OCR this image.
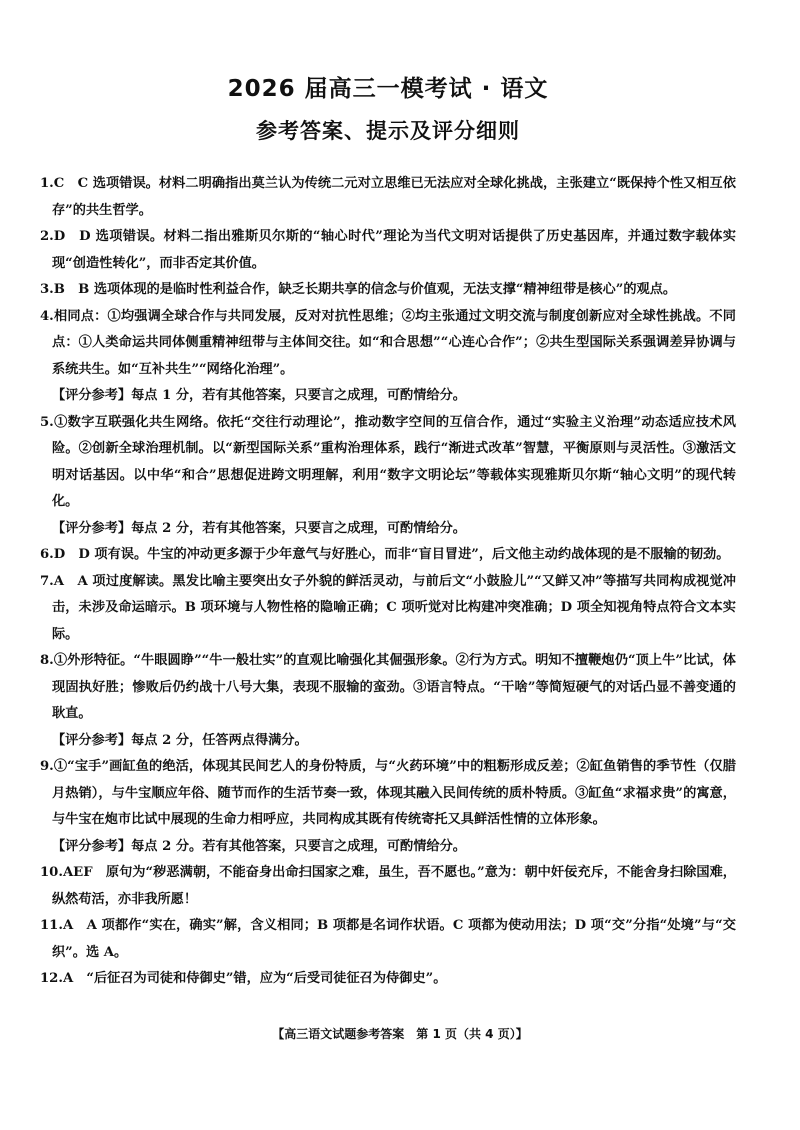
2026 届高三一模考试 · 语文
参考答案、提示及评分细则
1.C　C 选项错误。材料二明确指出莫兰认为传统二元对立思维已无法应对全球化挑战，主张建立“既保持个性又相互依存”的共生哲学。
2.D　D 选项错误。材料二指出雅斯贝尔斯的“轴心时代”理论为当代文明对话提供了历史基因库，并通过数字载体实现“创造性转化”，而非否定其价值。
3.B　B 选项体现的是临时性利益合作，缺乏长期共享的信念与价值观，无法支撑“精神纽带是核心”的观点。
4.相同点：①均强调全球合作与共同发展，反对对抗性思维；②均主张通过文明交流与制度创新应对全球性挑战。不同点：①人类命运共同体侧重精神纽带与主体间交往。如“和合思想”“心连心合作”；②共生型国际关系强调差异协调与系统共生。如“互补共生”“网络化治理”。
【评分参考】每点 1 分，若有其他答案，只要言之成理，可酌情给分。
5.①数字互联强化共生网络。依托“交往行动理论”，推动数字空间的互信合作，通过“实验主义治理”动态适应技术风险。②创新全球治理机制。以“新型国际关系”重构治理体系，践行“渐进式改革”智慧，平衡原则与灵活性。③激活文明对话基因。以中华“和合”思想促进跨文明理解，利用“数字文明论坛”等载体实现雅斯贝尔斯“轴心文明”的现代转化。
【评分参考】每点 2 分，若有其他答案，只要言之成理，可酌情给分。
6.D　D 项有误。牛宝的冲动更多源于少年意气与好胜心，而非“盲目冒进”，后文他主动约战体现的是不服输的韧劲。
7.A　A 项过度解读。黑发比喻主要突出女子外貌的鲜活灵动，与前后文“小鼓脸儿”“又鲜又冲”等描写共同构成视觉冲击，未涉及命运暗示。B 项环境与人物性格的隐喻正确；C 项听觉对比构建冲突准确；D 项全知视角特点符合文本实际。
8.①外形特征。“牛眼圆睁”“牛一般壮实”的直观比喻强化其倔强形象。②行为方式。明知不擅鞭炮仍“顶上牛”比试，体现固执好胜；惨败后仍约战十八号大集，表现不服输的蛮劲。③语言特点。“干啥”等简短硬气的对话凸显不善变通的耿直。
【评分参考】每点 2 分，任答两点得满分。
9.①“宝手”画缸鱼的绝活，体现其民间艺人的身份特质，与“火药环境”中的粗粝形成反差；②缸鱼销售的季节性（仅腊月热销），与牛宝顺应年俗、随节而作的生活节奏一致，体现其融入民间传统的质朴特质。③缸鱼“求福求贵”的寓意，与牛宝在炮市比试中展现的生命力相呼应，共同构成其既有传统寄托又具鲜活性情的立体形象。
【评分参考】每点 2 分。若有其他答案，只要言之成理，可酌情给分。
10.AEF　原句为“秽恶满朝，不能奋身出命扫国家之难，虽生，吾不愿也。”意为：朝中奸佞充斥，不能舍身扫除国难，纵然苟活，亦非我所愿！
11.A　A 项都作“实在，确实”解，含义相同；B 项都是名词作状语。C 项都为使动用法；D 项“交”分指“处境”与“交织”。选 A。
12.A　“后征召为司徒和侍御史”错，应为“后受司徒征召为侍御史”。
【高三语文试题参考答案　第 1 页（共 4 页）】
